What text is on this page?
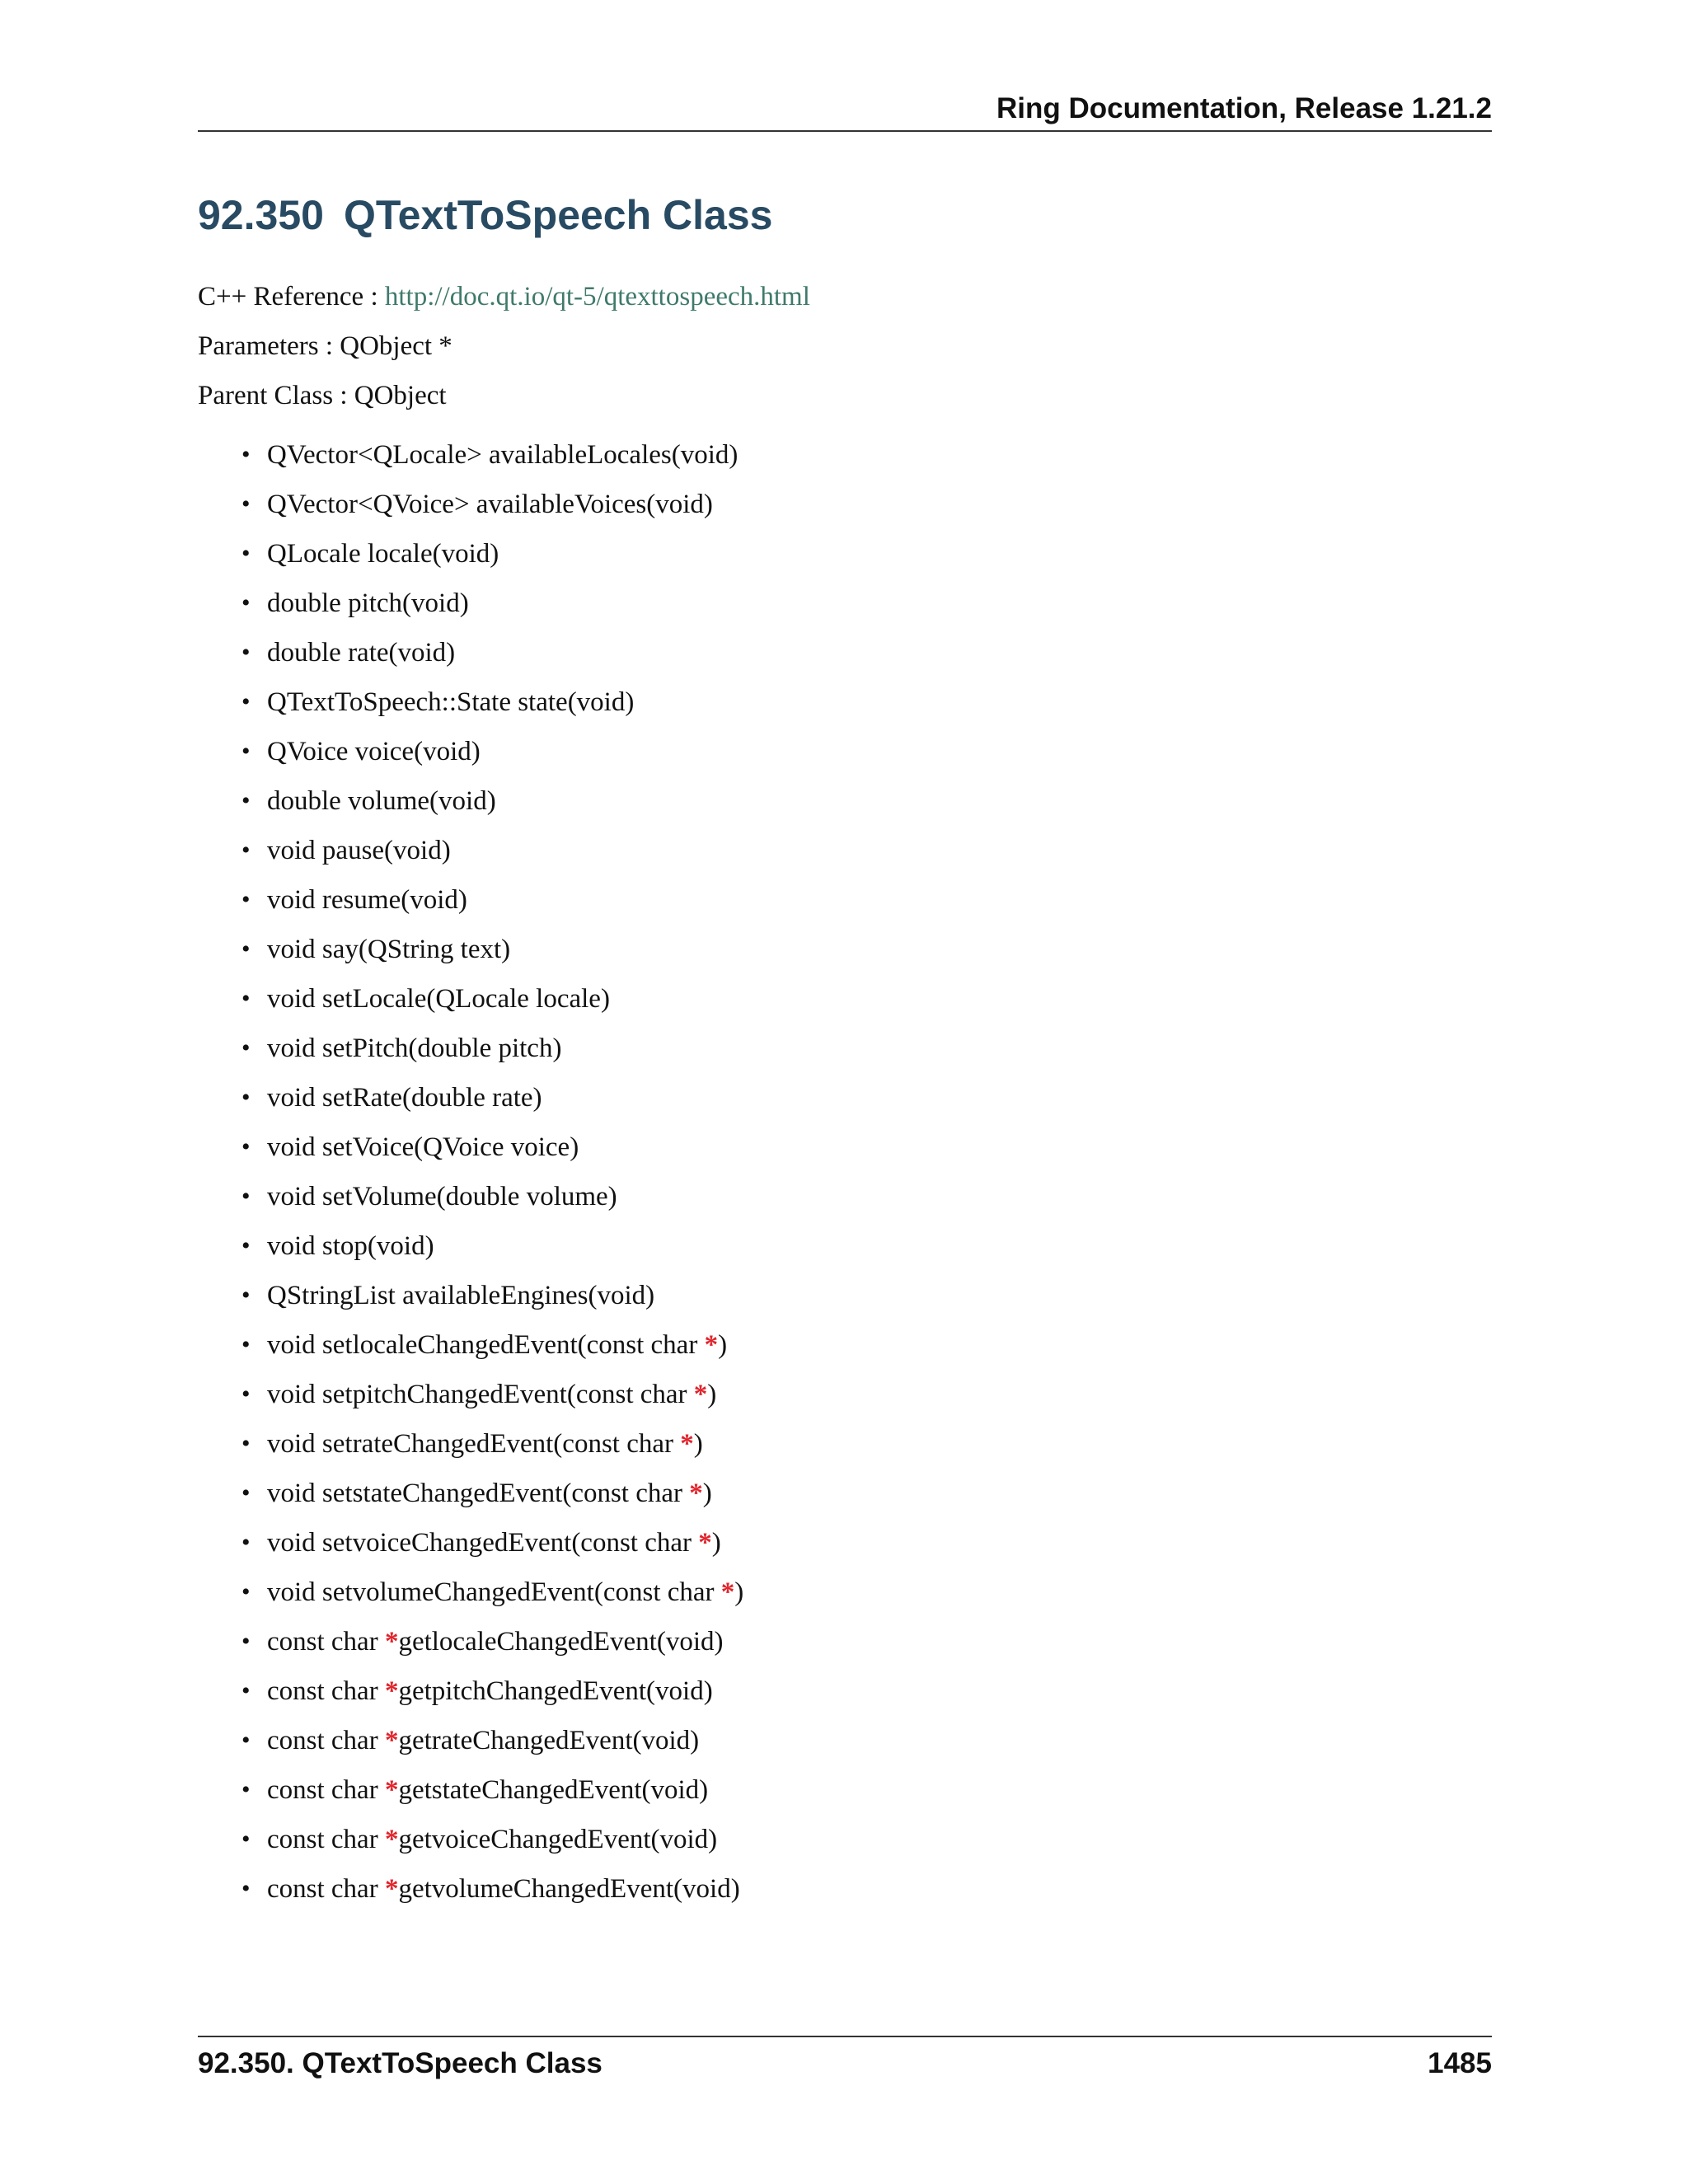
Ring Documentation, Release 1.21.2
92.350 QTextToSpeech Class
C++ Reference : http://doc.qt.io/qt-5/qtexttospeech.html
Parameters : QObject *
Parent Class : QObject
• QVector<QLocale> availableLocales(void)
• QVector<QVoice> availableVoices(void)
• QLocale locale(void)
• double pitch(void)
• double rate(void)
• QTextToSpeech::State state(void)
• QVoice voice(void)
• double volume(void)
• void pause(void)
• void resume(void)
• void say(QString text)
• void setLocale(QLocale locale)
• void setPitch(double pitch)
• void setRate(double rate)
• void setVoice(QVoice voice)
• void setVolume(double volume)
• void stop(void)
• QStringList availableEngines(void)
• void setlocaleChangedEvent(const char *)
• void setpitchChangedEvent(const char *)
• void setrateChangedEvent(const char *)
• void setstateChangedEvent(const char *)
• void setvoiceChangedEvent(const char *)
• void setvolumeChangedEvent(const char *)
• const char *getlocaleChangedEvent(void)
• const char *getpitchChangedEvent(void)
• const char *getrateChangedEvent(void)
• const char *getstateChangedEvent(void)
• const char *getvoiceChangedEvent(void)
• const char *getvolumeChangedEvent(void)
92.350. QTextToSpeech Class	1485
